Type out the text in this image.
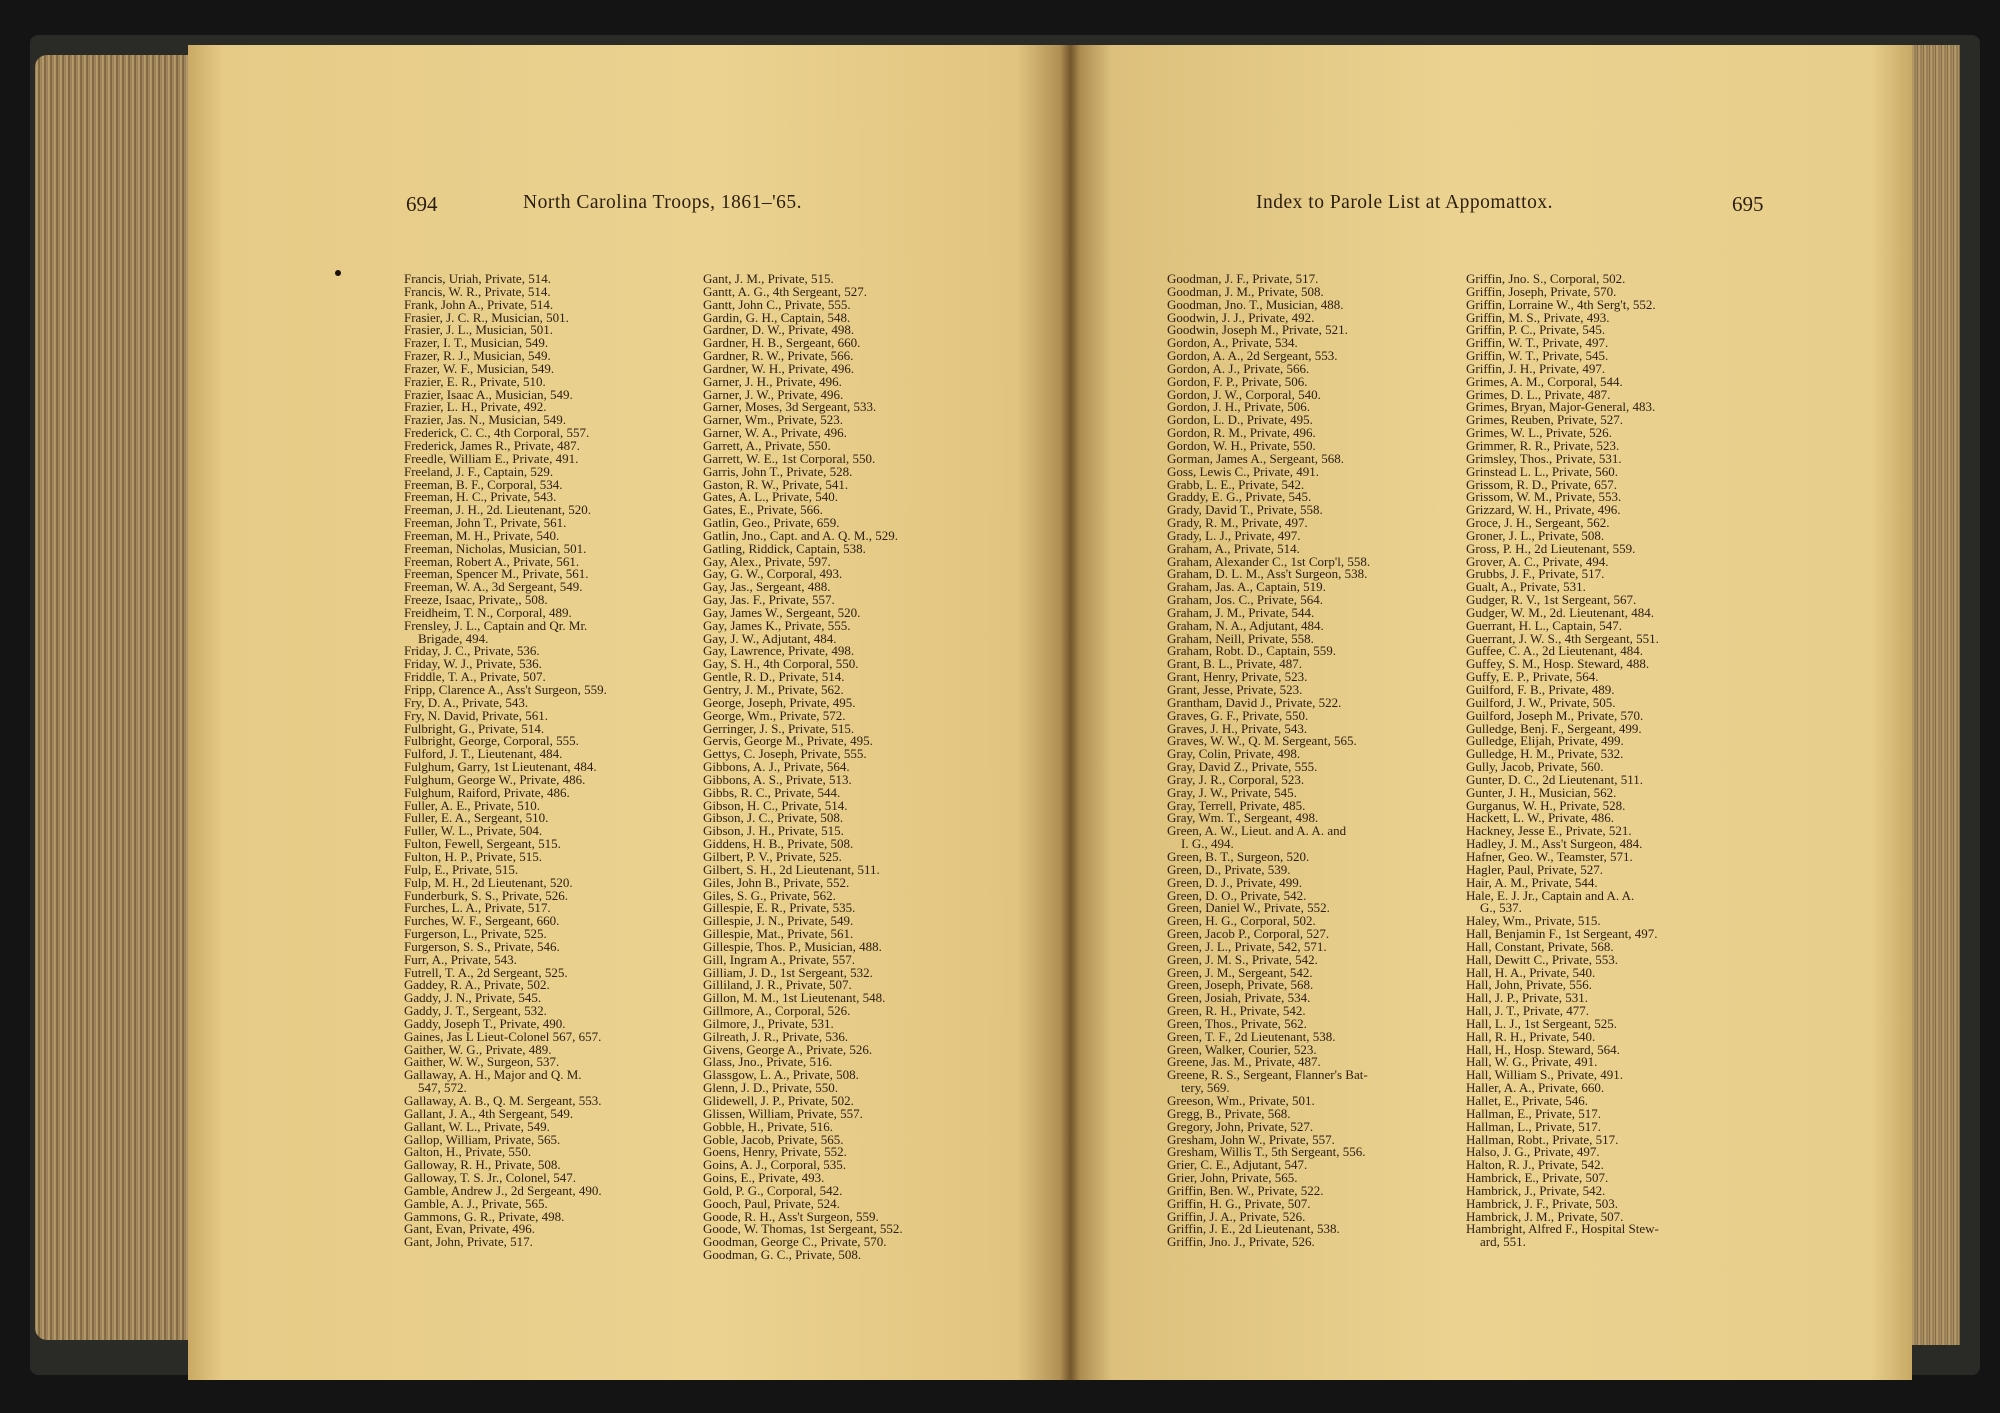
694	North Carolina Troops, 1861–'65.
Francis, Uriah, Private, 514.
Francis, W. R., Private, 514.
Frank, John A., Private, 514.
Frasier, J. C. R., Musician, 501.
Frasier, J. L., Musician, 501.
Frazer, I. T., Musician, 549.
Frazer, R. J., Musician, 549.
Frazer, W. F., Musician, 549.
Frazier, E. R., Private, 510.
Frazier, Isaac A., Musician, 549.
Frazier, L. H., Private, 492.
Frazier, Jas. N., Musician, 549.
Frederick, C. C., 4th Corporal, 557.
Frederick, James R., Private, 487.
Freedle, William E., Private, 491.
Freeland, J. F., Captain, 529.
Freeman, B. F., Corporal, 534.
Freeman, H. C., Private, 543.
Freeman, J. H., 2d. Lieutenant, 520.
Freeman, John T., Private, 561.
Freeman, M. H., Private, 540.
Freeman, Nicholas, Musician, 501.
Freeman, Robert A., Private, 561.
Freeman, Spencer M., Private, 561.
Freeman, W. A., 3d Sergeant, 549.
Freeze, Isaac, Private,, 508.
Freidheim, T. N., Corporal, 489.
Frensley, J. L., Captain and Qr. Mr.
Brigade, 494.
Friday, J. C., Private, 536.
Friday, W. J., Private, 536.
Friddle, T. A., Private, 507.
Fripp, Clarence A., Ass't Surgeon, 559.
Fry, D. A., Private, 543.
Fry, N. David, Private, 561.
Fulbright, G., Private, 514.
Fulbright, George, Corporal, 555.
Fulford, J. T., Lieutenant, 484.
Fulghum, Garry, 1st Lieutenant, 484.
Fulghum, George W., Private, 486.
Fulghum, Raiford, Private, 486.
Fuller, A. E., Private, 510.
Fuller, E. A., Sergeant, 510.
Fuller, W. L., Private, 504.
Fulton, Fewell, Sergeant, 515.
Fulton, H. P., Private, 515.
Fulp, E., Private, 515.
Fulp, M. H., 2d Lieutenant, 520.
Funderburk, S. S., Private, 526.
Furches, L. A., Private, 517.
Furches, W. F., Sergeant, 660.
Furgerson, L., Private, 525.
Furgerson, S. S., Private, 546.
Furr, A., Private, 543.
Futrell, T. A., 2d Sergeant, 525.
Gaddey, R. A., Private, 502.
Gaddy, J. N., Private, 545.
Gaddy, J. T., Sergeant, 532.
Gaddy, Joseph T., Private, 490.
Gaines, Jas L Lieut-Colonel 567, 657.
Gaither, W. G., Private, 489.
Gaither, W. W., Surgeon, 537.
Gallaway, A. H., Major and Q. M.
547, 572.
Gallaway, A. B., Q. M. Sergeant, 553.
Gallant, J. A., 4th Sergeant, 549.
Gallant, W. L., Private, 549.
Gallop, William, Private, 565.
Galton, H., Private, 550.
Galloway, R. H., Private, 508.
Galloway, T. S. Jr., Colonel, 547.
Gamble, Andrew J., 2d Sergeant, 490.
Gamble, A. J., Private, 565.
Gammons, G. R., Private, 498.
Gant, Evan, Private, 496.
Gant, John, Private, 517.
Gant, J. M., Private, 515.
Gantt, A. G., 4th Sergeant, 527.
Gantt, John C., Private, 555.
Gardin, G. H., Captain, 548.
Gardner, D. W., Private, 498.
Gardner, H. B., Sergeant, 660.
Gardner, R. W., Private, 566.
Gardner, W. H., Private, 496.
Garner, J. H., Private, 496.
Garner, J. W., Private, 496.
Garner, Moses, 3d Sergeant, 533.
Garner, Wm., Private, 523.
Garner, W. A., Private, 496.
Garrett, A., Private, 550.
Garrett, W. E., 1st Corporal, 550.
Garris, John T., Private, 528.
Gaston, R. W., Private, 541.
Gates, A. L., Private, 540.
Gates, E., Private, 566.
Gatlin, Geo., Private, 659.
Gatlin, Jno., Capt. and A. Q. M., 529.
Gatling, Riddick, Captain, 538.
Gay, Alex., Private, 597.
Gay, G. W., Corporal, 493.
Gay, Jas., Sergeant, 488.
Gay, Jas. F., Private, 557.
Gay, James W., Sergeant, 520.
Gay, James K., Private, 555.
Gay, J. W., Adjutant, 484.
Gay, Lawrence, Private, 498.
Gay, S. H., 4th Corporal, 550.
Gentle, R. D., Private, 514.
Gentry, J. M., Private, 562.
George, Joseph, Private, 495.
George, Wm., Private, 572.
Gerringer, J. S., Private, 515.
Gervis, George M., Private, 495.
Gettys, C. Joseph, Private, 555.
Gibbons, A. J., Private, 564.
Gibbons, A. S., Private, 513.
Gibbs, R. C., Private, 544.
Gibson, H. C., Private, 514.
Gibson, J. C., Private, 508.
Gibson, J. H., Private, 515.
Giddens, H. B., Private, 508.
Gilbert, P. V., Private, 525.
Gilbert, S. H., 2d Lieutenant, 511.
Giles, John B., Private, 552.
Giles, S. G., Private, 562.
Gillespie, E. R., Private, 535.
Gillespie, J. N., Private, 549.
Gillespie, Mat., Private, 561.
Gillespie, Thos. P., Musician, 488.
Gill, Ingram A., Private, 557.
Gilliam, J. D., 1st Sergeant, 532.
Gilliland, J. R., Private, 507.
Gillon, M. M., 1st Lieutenant, 548.
Gillmore, A., Corporal, 526.
Gilmore, J., Private, 531.
Gilreath, J. R., Private, 536.
Givens, George A., Private, 526.
Glass, Jno., Private, 516.
Glassgow, L. A., Private, 508.
Glenn, J. D., Private, 550.
Glidewell, J. P., Private, 502.
Glissen, William, Private, 557.
Gobble, H., Private, 516.
Goble, Jacob, Private, 565.
Goens, Henry, Private, 552.
Goins, A. J., Corporal, 535.
Goins, E., Private, 493.
Gold, P. G., Corporal, 542.
Gooch, Paul, Private, 524.
Goode, R. H., Ass't Surgeon, 559.
Goode, W. Thomas, 1st Sergeant, 552.
Goodman, George C., Private, 570.
Goodman, G. C., Private, 508.
Index to Parole List at Appomattox.	695
Goodman, J. F., Private, 517.
Goodman, J. M., Private, 508.
Goodman, Jno. T., Musician, 488.
Goodwin, J. J., Private, 492.
Goodwin, Joseph M., Private, 521.
Gordon, A., Private, 534.
Gordon, A. A., 2d Sergeant, 553.
Gordon, A. J., Private, 566.
Gordon, F. P., Private, 506.
Gordon, J. W., Corporal, 540.
Gordon, J. H., Private, 506.
Gordon, L. D., Private, 495.
Gordon, R. M., Private, 496.
Gordon, W. H., Private, 550.
Gorman, James A., Sergeant, 568.
Goss, Lewis C., Private, 491.
Grabb, L. E., Private, 542.
Graddy, E. G., Private, 545.
Grady, David T., Private, 558.
Grady, R. M., Private, 497.
Grady, L. J., Private, 497.
Graham, A., Private, 514.
Graham, Alexander C., 1st Corp'l, 558.
Graham, D. L. M., Ass't Surgeon, 538.
Graham, Jas. A., Captain, 519.
Graham, Jos. C., Private, 564.
Graham, J. M., Private, 544.
Graham, N. A., Adjutant, 484.
Graham, Neill, Private, 558.
Graham, Robt. D., Captain, 559.
Grant, B. L., Private, 487.
Grant, Henry, Private, 523.
Grant, Jesse, Private, 523.
Grantham, David J., Private, 522.
Graves, G. F., Private, 550.
Graves, J. H., Private, 543.
Graves, W. W., Q. M. Sergeant, 565.
Gray, Colin, Private, 498.
Gray, David Z., Private, 555.
Gray, J. R., Corporal, 523.
Gray, J. W., Private, 545.
Gray, Terrell, Private, 485.
Gray, Wm. T., Sergeant, 498.
Green, A. W., Lieut. and A. A. and
I. G., 494.
Green, B. T., Surgeon, 520.
Green, D., Private, 539.
Green, D. J., Private, 499.
Green, D. O., Private, 542.
Green, Daniel W., Private, 552.
Green, H. G., Corporal, 502.
Green, Jacob P., Corporal, 527.
Green, J. L., Private, 542, 571.
Green, J. M. S., Private, 542.
Green, J. M., Sergeant, 542.
Green, Joseph, Private, 568.
Green, Josiah, Private, 534.
Green, R. H., Private, 542.
Green, Thos., Private, 562.
Green, T. F., 2d Lieutenant, 538.
Green, Walker, Courier, 523.
Greene, Jas. M., Private, 487.
Greene, R. S., Sergeant, Flanner's Bat-
tery, 569.
Greeson, Wm., Private, 501.
Gregg, B., Private, 568.
Gregory, John, Private, 527.
Gresham, John W., Private, 557.
Gresham, Willis T., 5th Sergeant, 556.
Grier, C. E., Adjutant, 547.
Grier, John, Private, 565.
Griffin, Ben. W., Private, 522.
Griffin, H. G., Private, 507.
Griffin, J. A., Private, 526.
Griffin, J. E., 2d Lieutenant, 538.
Griffin, Jno. J., Private, 526.
Griffin, Jno. S., Corporal, 502.
Griffin, Joseph, Private, 570.
Griffin, Lorraine W., 4th Serg't, 552.
Griffin, M. S., Private, 493.
Griffin, P. C., Private, 545.
Griffin, W. T., Private, 497.
Griffin, W. T., Private, 545.
Griffin, J. H., Private, 497.
Grimes, A. M., Corporal, 544.
Grimes, D. L., Private, 487.
Grimes, Bryan, Major-General, 483.
Grimes, Reuben, Private, 527.
Grimes, W. L., Private, 526.
Grimmer, R. R., Private, 523.
Grimsley, Thos., Private, 531.
Grinstead L. L., Private, 560.
Grissom, R. D., Private, 657.
Grissom, W. M., Private, 553.
Grizzard, W. H., Private, 496.
Groce, J. H., Sergeant, 562.
Groner, J. L., Private, 508.
Gross, P. H., 2d Lieutenant, 559.
Grover, A. C., Private, 494.
Grubbs, J. F., Private, 517.
Gualt, A., Private, 531.
Gudger, R. V., 1st Sergeant, 567.
Gudger, W. M., 2d. Lieutenant, 484.
Guerrant, H. L., Captain, 547.
Guerrant, J. W. S., 4th Sergeant, 551.
Guffee, C. A., 2d Lieutenant, 484.
Guffey, S. M., Hosp. Steward, 488.
Guffy, E. P., Private, 564.
Guilford, F. B., Private, 489.
Guilford, J. W., Private, 505.
Guilford, Joseph M., Private, 570.
Gulledge, Benj. F., Sergeant, 499.
Gulledge, Elijah, Private, 499.
Gulledge, H. M., Private, 532.
Gully, Jacob, Private, 560.
Gunter, D. C., 2d Lieutenant, 511.
Gunter, J. H., Musician, 562.
Gurganus, W. H., Private, 528.
Hackett, L. W., Private, 486.
Hackney, Jesse E., Private, 521.
Hadley, J. M., Ass't Surgeon, 484.
Hafner, Geo. W., Teamster, 571.
Hagler, Paul, Private, 527.
Hair, A. M., Private, 544.
Hale, E. J. Jr., Captain and A. A.
G., 537.
Haley, Wm., Private, 515.
Hall, Benjamin F., 1st Sergeant, 497.
Hall, Constant, Private, 568.
Hall, Dewitt C., Private, 553.
Hall, H. A., Private, 540.
Hall, John, Private, 556.
Hall, J. P., Private, 531.
Hall, J. T., Private, 477.
Hall, L. J., 1st Sergeant, 525.
Hall, R. H., Private, 540.
Hall, H., Hosp. Steward, 564.
Hall, W. G., Private, 491.
Hall, William S., Private, 491.
Haller, A. A., Private, 660.
Hallet, E., Private, 546.
Hallman, E., Private, 517.
Hallman, L., Private, 517.
Hallman, Robt., Private, 517.
Halso, J. G., Private, 497.
Halton, R. J., Private, 542.
Hambrick, E., Private, 507.
Hambrick, J., Private, 542.
Hambrick, J. F., Private, 503.
Hambrick, J. M., Private, 507.
Hambright, Alfred F., Hospital Stew-
ard, 551.
